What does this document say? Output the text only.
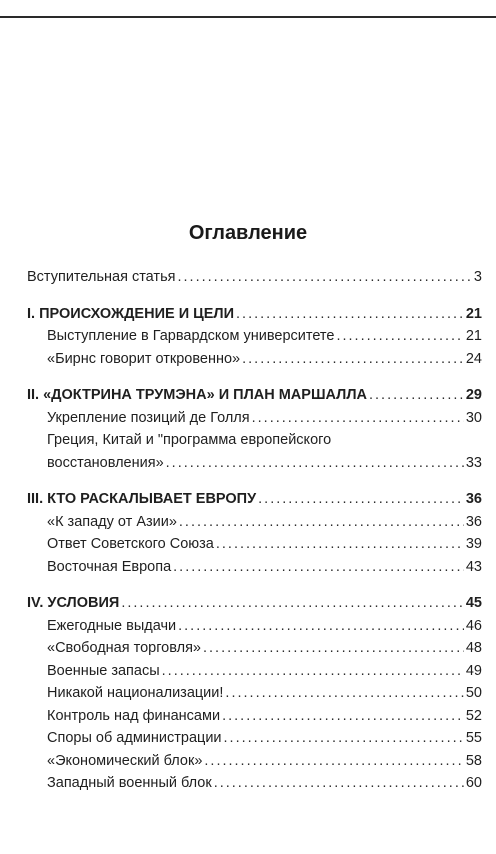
Оглавление
Вступительная статья .....	3
I. ПРОИСХОЖДЕНИЕ И ЦЕЛИ .....	21
Выступление в Гарвардском университете .....	21
«Бирнс говорит откровенно» .....	24
II. «ДОКТРИНА ТРУМЭНА» И ПЛАН МАРШАЛЛА .....	29
Укрепление позиций де Голля .....	30
Греция, Китай и "программа европейского
восстановления» .....	33
III. КТО РАСКАЛЫВАЕТ ЕВРОПУ .....	36
«К западу от Азии» .....	36
Ответ Советского Союза .....	39
Восточная Европа .....	43
IV. УСЛОВИЯ .....	45
Ежегодные выдачи .....	46
«Свободная торговля» .....	48
Военные запасы .....	49
Никакой национализации! .....	50
Контроль над финансами .....	52
Споры об администрации .....	55
«Экономический блок» .....	58
Западный военный блок .....	60
